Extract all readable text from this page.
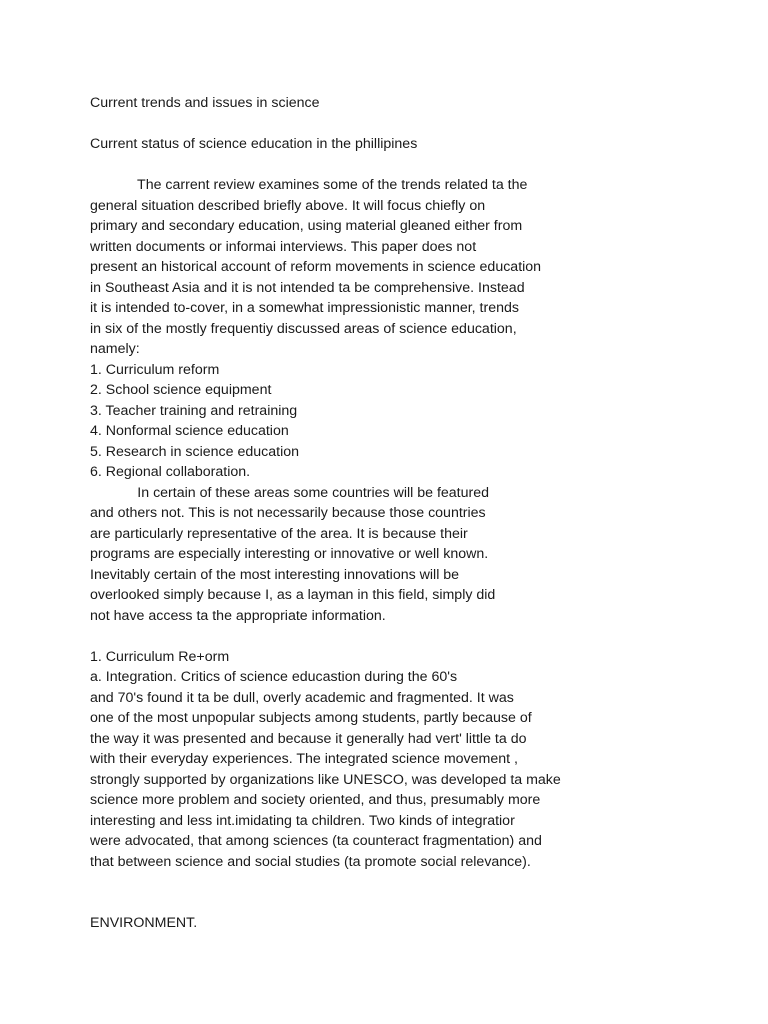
Current trends and issues in science
Current status of science education in the phillipines
The carrent review examines some of the trends related ta the
general situation described briefly above. It will focus chiefly on
primary and secondary education, using material gleaned either from
written documents or informai interviews. This paper does not
present an historical account of reform movements in science education
in Southeast Asia and it is not intended ta be comprehensive. Instead
it is intended to-cover, in a somewhat impressionistic manner, trends
in six of the mostly frequentiy discussed areas of science education,
namely:
1. Curriculum reform
2. School science equipment
3. Teacher training and retraining
4. Nonformal science education
5. Research in science education
6. Regional collaboration.
In certain of these areas some countries will be featured
and others not. This is not necessarily because those countries
are particularly representative of the area. It is because their
programs are especially interesting or innovative or well known.
Inevitably certain of the most interesting innovations will be
overlooked simply because I, as a layman in this field, simply did
not have access ta the appropriate information.
1. Curriculum Re+orm
a. Integration. Critics of science educastion during the 60's
and 70's found it ta be dull, overly academic and fragmented. It was
one of the most unpopular subjects among students, partly because of
the way it was presented and because it generally had vert' little ta do
with their everyday experiences. The integrated science movement ,
strongly supported by organizations like UNESCO, was developed ta make
science more problem and society oriented, and thus, presumably more
interesting and less int.imidating ta children. Two kinds of integratior
were advocated, that among sciences (ta counteract fragmentation) and
that between science and social studies (ta promote social relevance).
ENVIRONMENT.
